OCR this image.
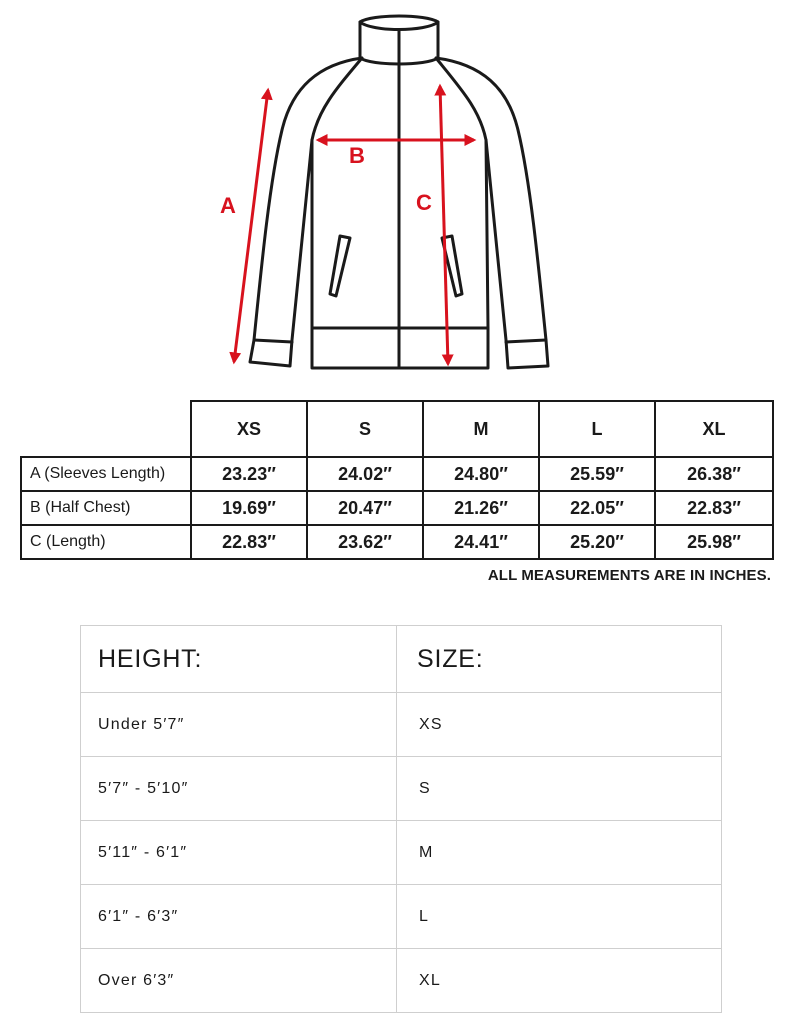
A
B
C
	XS	S	M	L	XL
A (Sleeves Length)	23.23″	24.02″	24.80″	25.59″	26.38″
B (Half Chest)	19.69″	20.47″	21.26″	22.05″	22.83″
C (Length)	22.83″	23.62″	24.41″	25.20″	25.98″
ALL MEASUREMENTS ARE IN INCHES.
HEIGHT:	SIZE:
Under 5′7″	XS
5′7″ - 5′10″	S
5′11″ - 6′1″	M
6′1″ - 6′3″	L
Over 6′3″	XL
